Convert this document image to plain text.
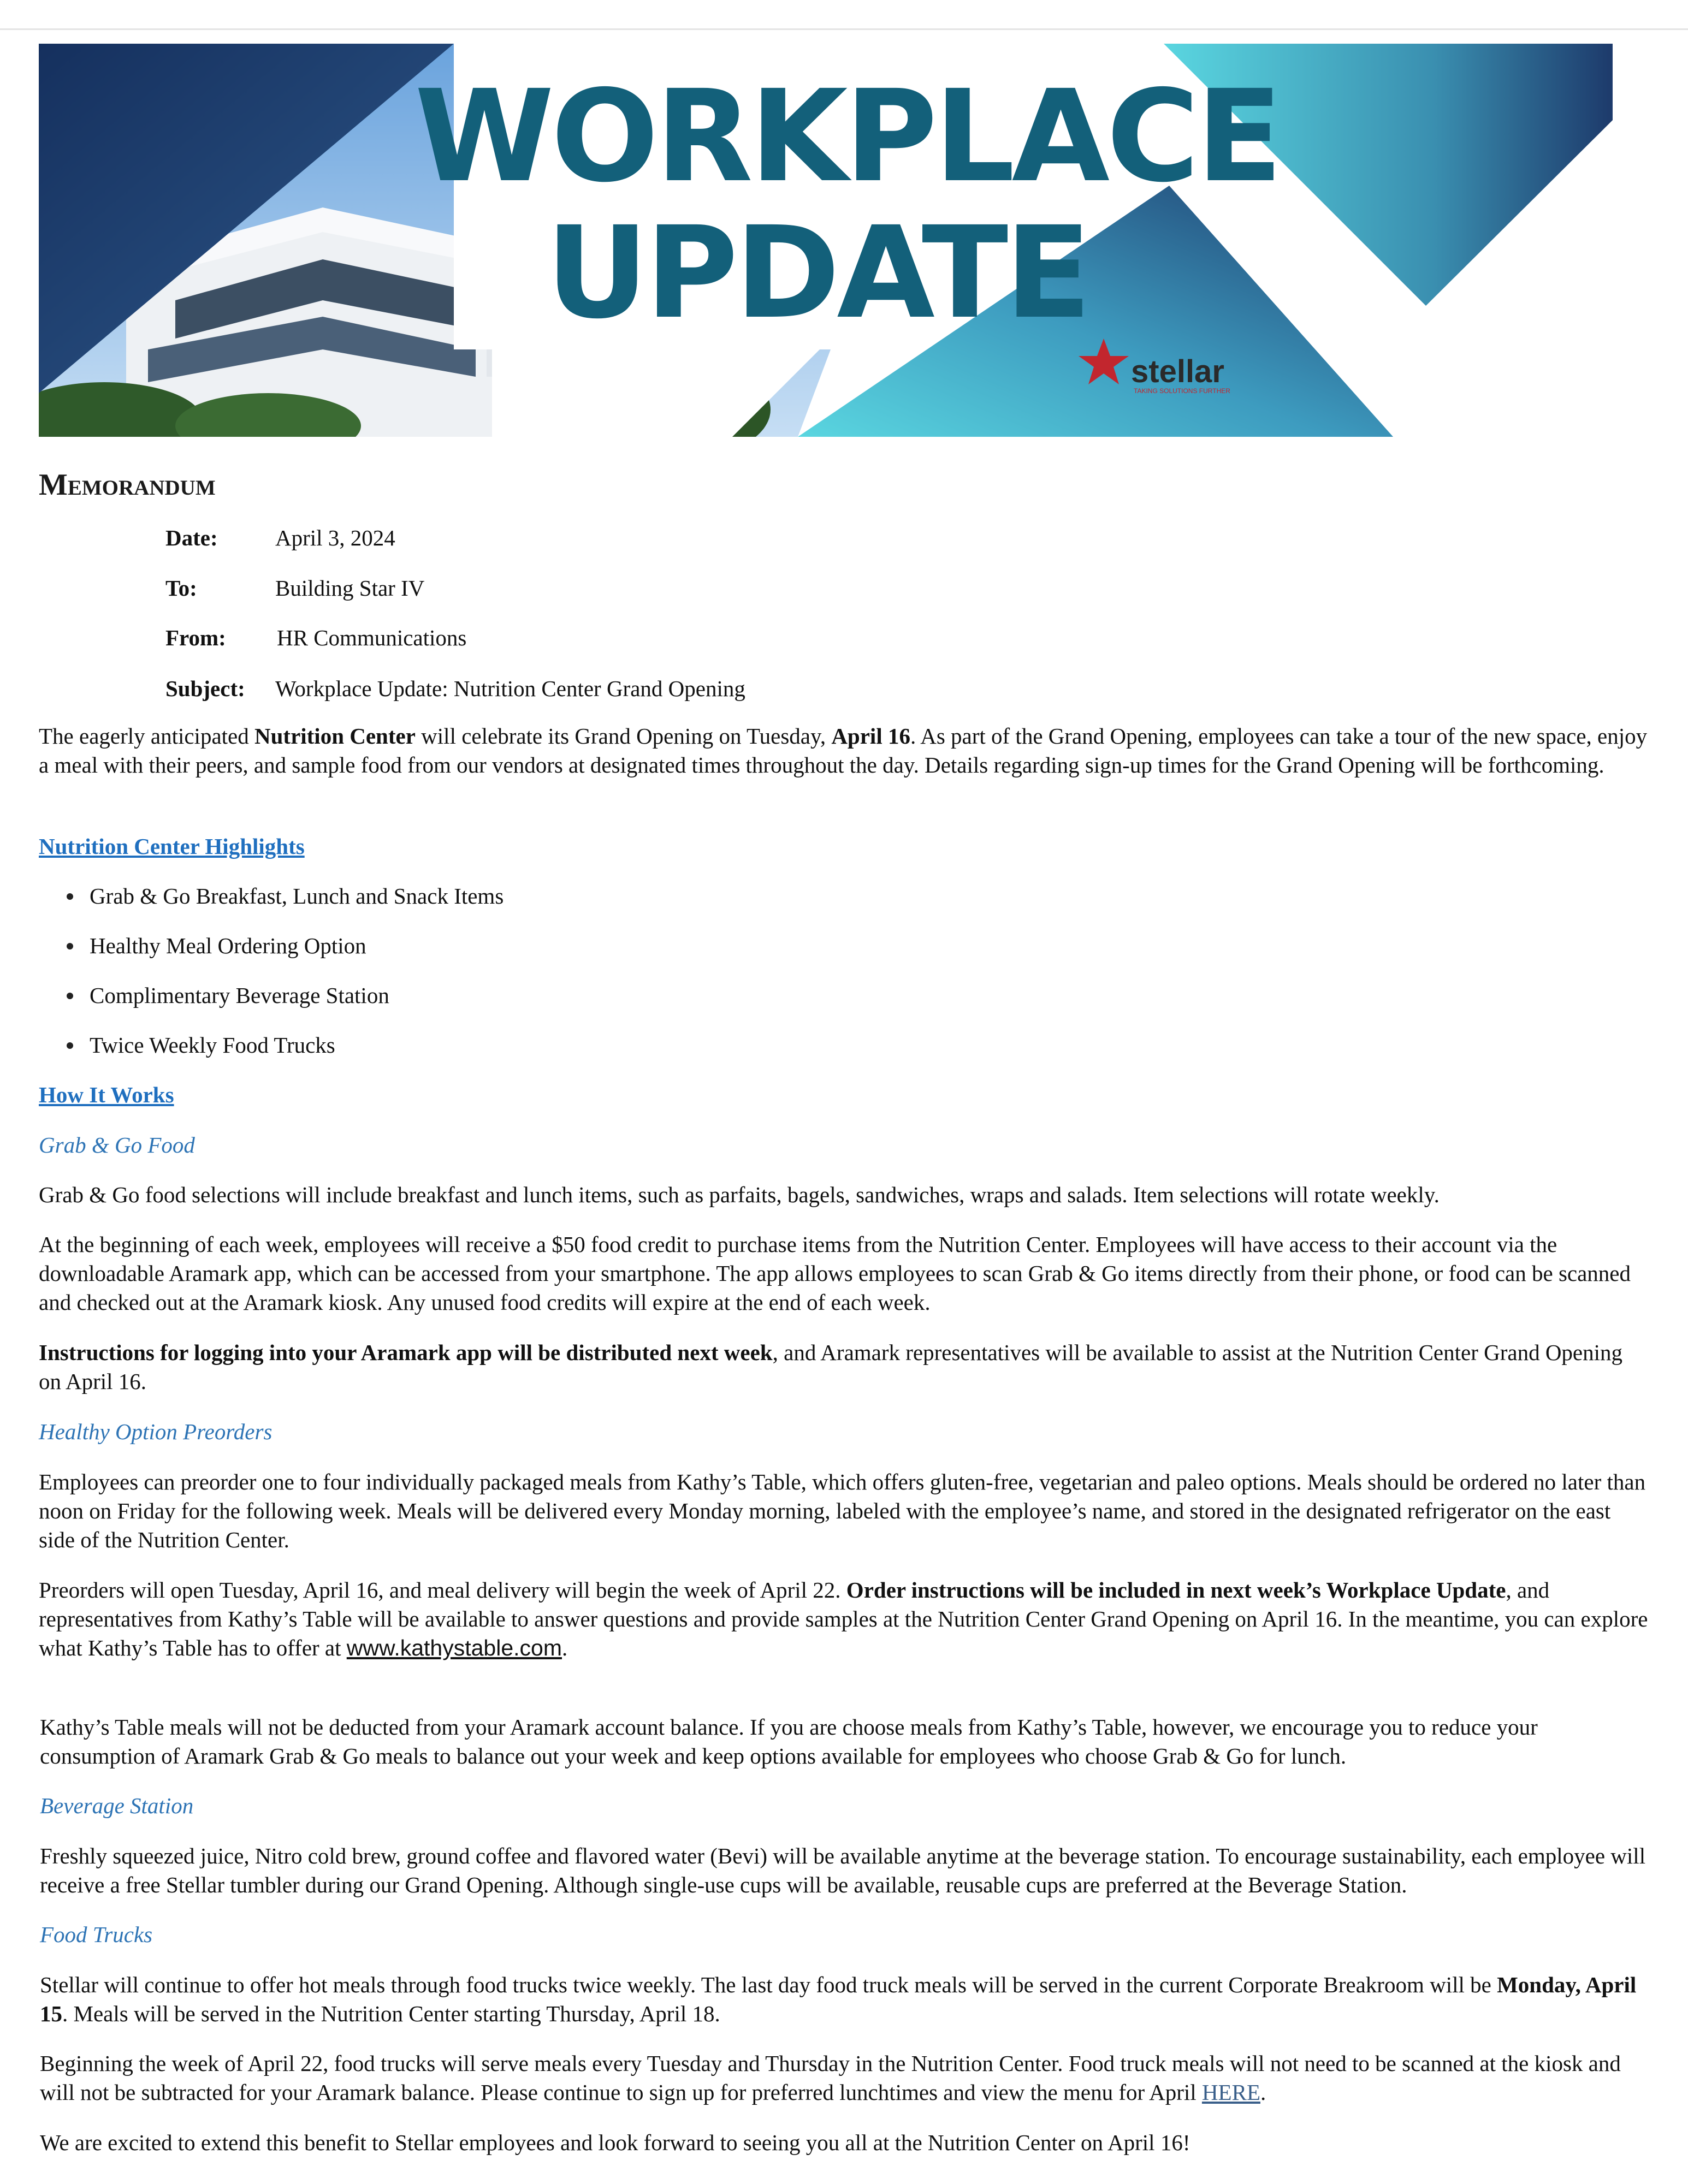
WORKPLACE
UPDATE
stellar
TAKING SOLUTIONS FURTHER
Memorandum
Date:	April 3, 2024
To:	Building Star IV
From: HR Communications
Subject: Workplace Update: Nutrition Center Grand Opening

The eagerly anticipated Nutrition Center will celebrate its Grand Opening on Tuesday, April 16. As part of the Grand Opening, employees can take a tour of the new space, enjoy a meal with their peers, and sample food from our vendors at designated times throughout the day. Details regarding sign-up times for the Grand Opening will be forthcoming.

Nutrition Center Highlights
Grab & Go Breakfast, Lunch and Snack Items
Healthy Meal Ordering Option
Complimentary Beverage Station
Twice Weekly Food Trucks
How It Works
Grab & Go Food

Grab & Go food selections will include breakfast and lunch items, such as parfaits, bagels, sandwiches, wraps and salads. Item selections will rotate weekly.

At the beginning of each week, employees will receive a $50 food credit to purchase items from the Nutrition Center. Employees will have access to their account via the downloadable Aramark app, which can be accessed from your smartphone. The app allows employees to scan Grab & Go items directly from their phone, or food can be scanned and checked out at the Aramark kiosk. Any unused food credits will expire at the end of each week.

Instructions for logging into your Aramark app will be distributed next week, and Aramark representatives will be available to assist at the Nutrition Center Grand Opening on April 16.

Healthy Option Preorders

Employees can preorder one to four individually packaged meals from Kathy’s Table, which offers gluten-free, vegetarian and paleo options. Meals should be ordered no later than noon on Friday for the following week. Meals will be delivered every Monday morning, labeled with the employee’s name, and stored in the designated refrigerator on the east side of the Nutrition Center.

Preorders will open Tuesday, April 16, and meal delivery will begin the week of April 22. Order instructions will be included in next week’s Workplace Update, and representatives from Kathy’s Table will be available to answer questions and provide samples at the Nutrition Center Grand Opening on April 16. In the meantime, you can explore what Kathy’s Table has to offer at www.kathystable.com.

Kathy’s Table meals will not be deducted from your Aramark account balance. If you are choose meals from Kathy’s Table, however, we encourage you to reduce your consumption of Aramark Grab & Go meals to balance out your week and keep options available for employees who choose Grab & Go for lunch.

Beverage Station

Freshly squeezed juice, Nitro cold brew, ground coffee and flavored water (Bevi) will be available anytime at the beverage station. To encourage sustainability, each employee will receive a free Stellar tumbler during our Grand Opening. Although single-use cups will be available, reusable cups are preferred at the Beverage Station.

Food Trucks

Stellar will continue to offer hot meals through food trucks twice weekly. The last day food truck meals will be served in the current Corporate Breakroom will be Monday, April 15. Meals will be served in the Nutrition Center starting Thursday, April 18.

Beginning the week of April 22, food trucks will serve meals every Tuesday and Thursday in the Nutrition Center. Food truck meals will not need to be scanned at the kiosk and will not be subtracted for your Aramark balance. Please continue to sign up for preferred lunchtimes and view the menu for April HERE.

We are excited to extend this benefit to Stellar employees and look forward to seeing you all at the Nutrition Center on April 16!
